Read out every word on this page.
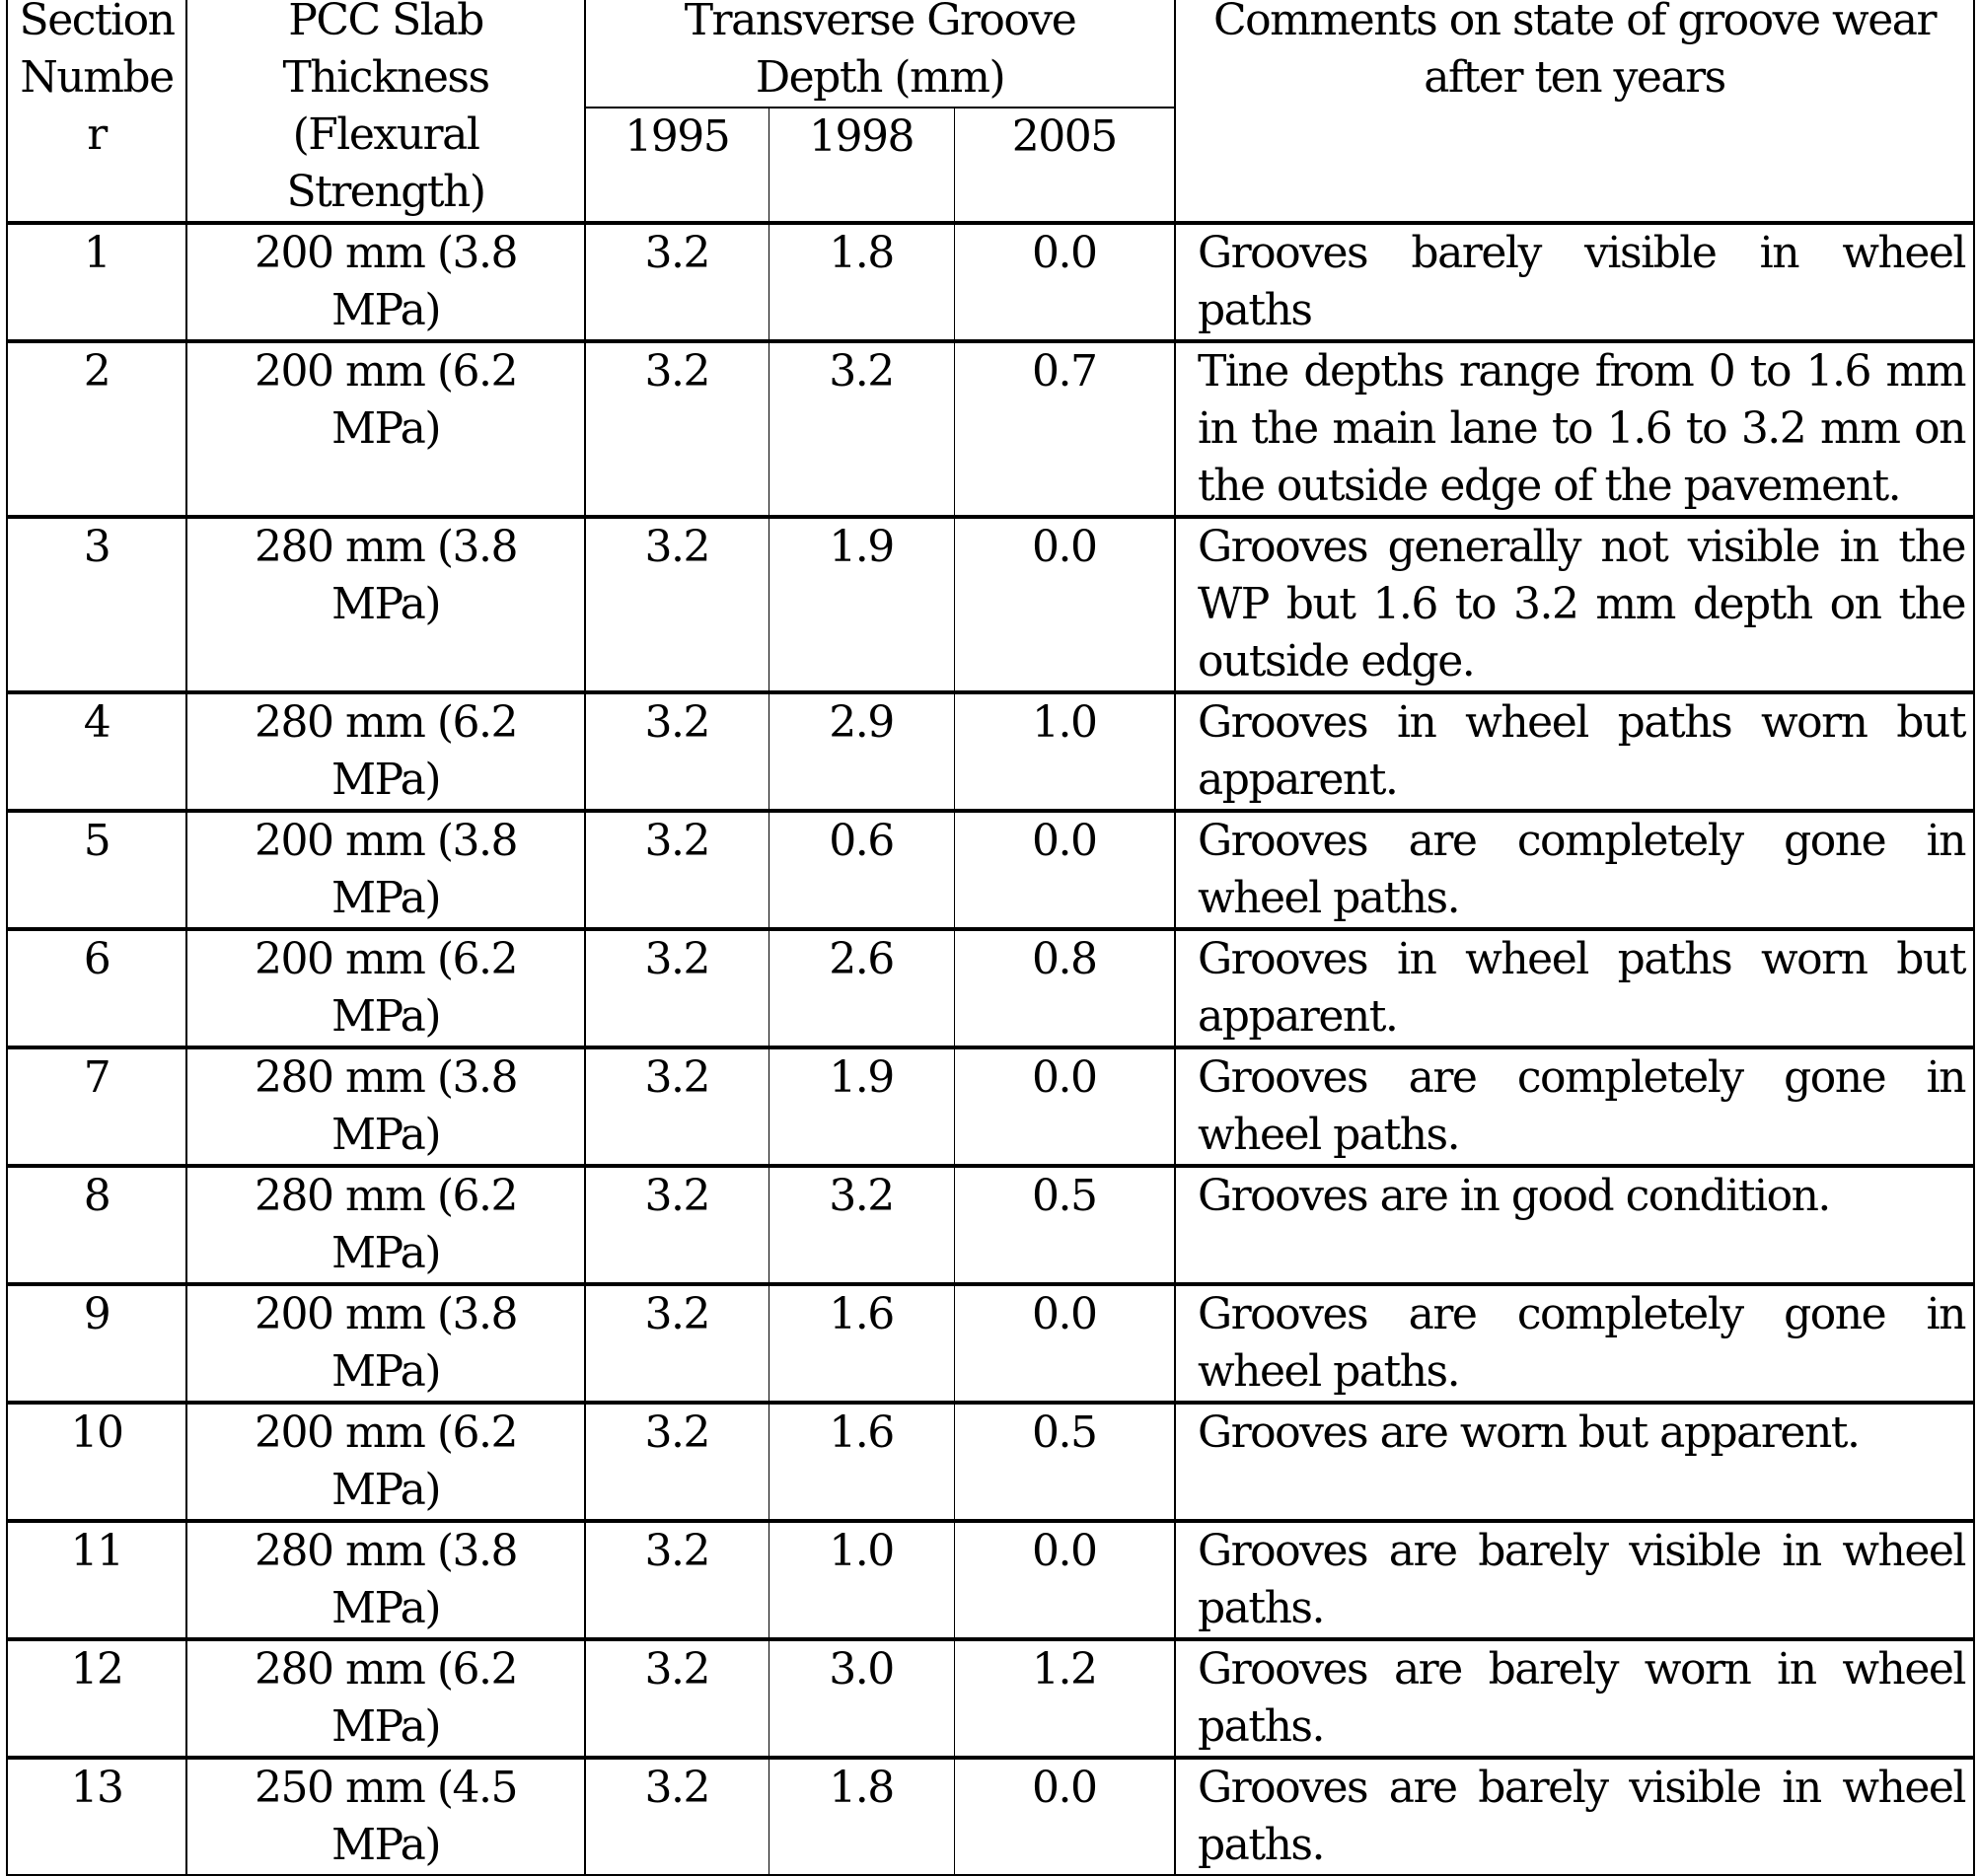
Section Number	PCC Slab Thickness (Flexural Strength)	Transverse Groove Depth (mm)			Comments on state of groove wear after ten years
		1995	1998	2005	
1	200 mm (3.8 MPa)	3.2	1.8	0.0	Grooves barely visible in wheel paths
2	200 mm (6.2 MPa)	3.2	3.2	0.7	Tine depths range from 0 to 1.6 mm in the main lane to 1.6 to 3.2 mm on the outside edge of the pavement.
3	280 mm (3.8 MPa)	3.2	1.9	0.0	Grooves generally not visible in the WP but 1.6 to 3.2 mm depth on the outside edge.
4	280 mm (6.2 MPa)	3.2	2.9	1.0	Grooves in wheel paths worn but apparent.
5	200 mm (3.8 MPa)	3.2	0.6	0.0	Grooves are completely gone in wheel paths.
6	200 mm (6.2 MPa)	3.2	2.6	0.8	Grooves in wheel paths worn but apparent.
7	280 mm (3.8 MPa)	3.2	1.9	0.0	Grooves are completely gone in wheel paths.
8	280 mm (6.2 MPa)	3.2	3.2	0.5	Grooves are in good condition.
9	200 mm (3.8 MPa)	3.2	1.6	0.0	Grooves are completely gone in wheel paths.
10	200 mm (6.2 MPa)	3.2	1.6	0.5	Grooves are worn but apparent.
11	280 mm (3.8 MPa)	3.2	1.0	0.0	Grooves are barely visible in wheel paths.
12	280 mm (6.2 MPa)	3.2	3.0	1.2	Grooves are barely worn in wheel paths.
13	250 mm (4.5 MPa)	3.2	1.8	0.0	Grooves are barely visible in wheel paths.
